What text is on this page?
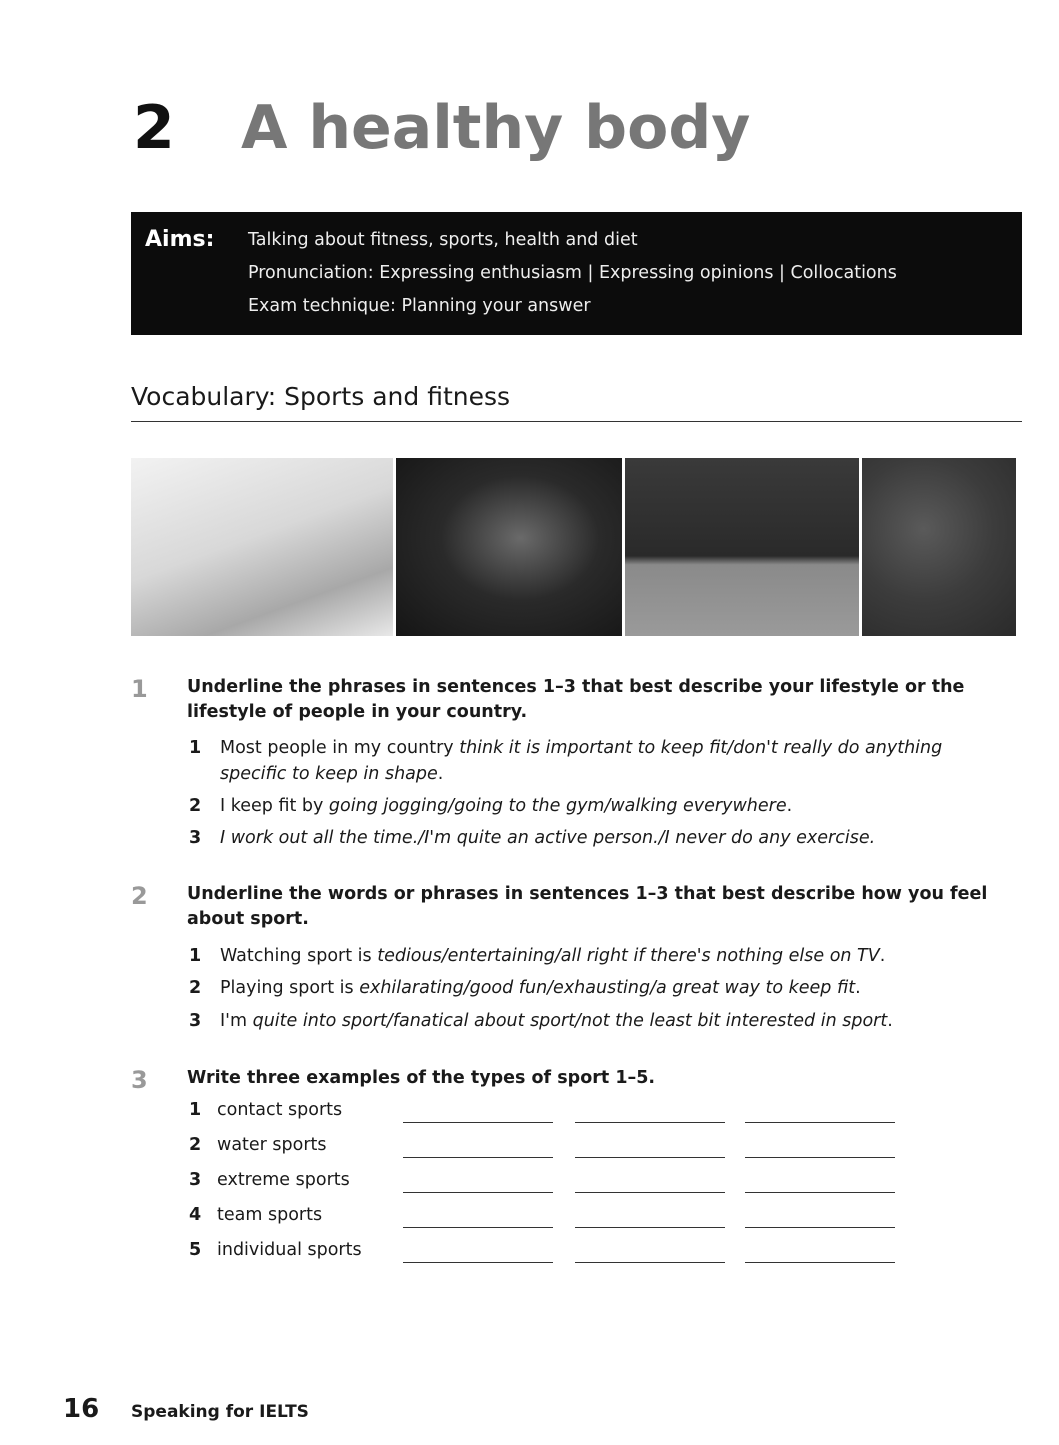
2 A healthy body
Aims: Talking about fitness, sports, health and diet
Pronunciation: Expressing enthusiasm | Expressing opinions | Collocations
Exam technique: Planning your answer
Vocabulary: Sports and fitness
1 Underline the phrases in sentences 1–3 that best describe your lifestyle or the lifestyle of people in your country.
1 Most people in my country think it is important to keep fit/don't really do anything specific to keep in shape.
2 I keep fit by going jogging/going to the gym/walking everywhere.
3 I work out all the time./I'm quite an active person./I never do any exercise.
2 Underline the words or phrases in sentences 1–3 that best describe how you feel about sport.
1 Watching sport is tedious/entertaining/all right if there's nothing else on TV.
2 Playing sport is exhilarating/good fun/exhausting/a great way to keep fit.
3 I'm quite into sport/fanatical about sport/not the least bit interested in sport.
3 Write three examples of the types of sport 1–5.
1 contact sports
2 water sports
3 extreme sports
4 team sports
5 individual sports
16 Speaking for IELTS
